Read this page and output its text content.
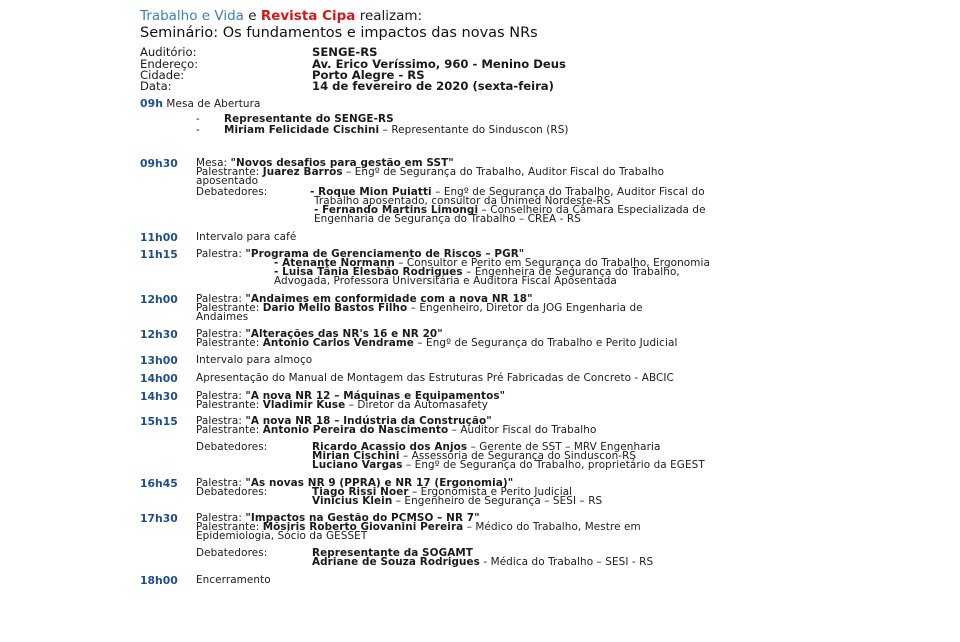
Trabalho e Vida e Revista Cipa realizam:
Seminário: Os fundamentos e impactos das novas NRs
Auditório:	SENGE-RS
Endereço:	Av. Erico Veríssimo, 960 - Menino Deus
Cidade:	Porto Alegre - RS
Data:	14 de fevereiro de 2020 (sexta-feira)
09h Mesa de Abertura
- Representante do SENGE-RS
- Miriam Felicidade Cischini – Representante do Sinduscon (RS)
09h30 Mesa: "Novos desafios para gestão em SST"
Palestrante: Juarez Barros – Engº de Segurança do Trabalho, Auditor Fiscal do Trabalho
aposentado
Debatedores:	- Roque Mion Puiatti – Engº de Segurança do Trabalho, Auditor Fiscal do
Trabalho aposentado, consultor da Unimed Nordeste-RS
- Fernando Martins Limongi – Conselheiro da Câmara Especializada de
Engenharia de Segurança do Trabalho – CREA - RS
11h00 Intervalo para café
11h15 Palestra: "Programa de Gerenciamento de Riscos – PGR"
- Atenante Normann – Consultor e Perito em Segurança do Trabalho, Ergonomia
- Luisa Tânia Elesbão Rodrigues – Engenheira de Segurança do Trabalho,
Advogada, Professora Universitária e Auditora Fiscal Aposentada
12h00 Palestra: "Andaimes em conformidade com a nova NR 18"
Palestrante: Dario Mello Bastos Filho – Engenheiro, Diretor da JOG Engenharia de
Andaimes
12h30 Palestra: "Alterações das NR's 16 e NR 20"
Palestrante: Antonio Carlos Vendrame – Engº de Segurança do Trabalho e Perito Judicial
13h00 Intervalo para almoço
14h00 Apresentação do Manual de Montagem das Estruturas Pré Fabricadas de Concreto - ABCIC
14h30 Palestra: "A nova NR 12 – Máquinas e Equipamentos"
Palestrante: Vladimir Kuse – Diretor da Automasafety
15h15 Palestra: "A nova NR 18 – Indústria da Construção"
Palestrante: Antonio Pereira do Nascimento – Auditor Fiscal do Trabalho
Debatedores:	Ricardo Acassio dos Anjos – Gerente de SST – MRV Engenharia
Mirian Cischini – Assessoria de Segurança do Sinduscon-RS
Luciano Vargas – Engº de Segurança do Trabalho, proprietário da EGEST
16h45 Palestra: "As novas NR 9 (PPRA) e NR 17 (Ergonomia)"
Debatedores:	Tiago Rissi Noer – Ergonomista e Perito Judicial
Vinicius Klein – Engenheiro de Segurança – SESI – RS
17h30 Palestra: "Impactos na Gestão do PCMSO – NR 7"
Palestrante: Mõsiris Roberto Giovanini Pereira – Médico do Trabalho, Mestre em
Epidemiologia, Sócio da GESSET
Debatedores:	Representante da SOGAMT
Adriane de Souza Rodrigues - Médica do Trabalho – SESI - RS
18h00 Encerramento
